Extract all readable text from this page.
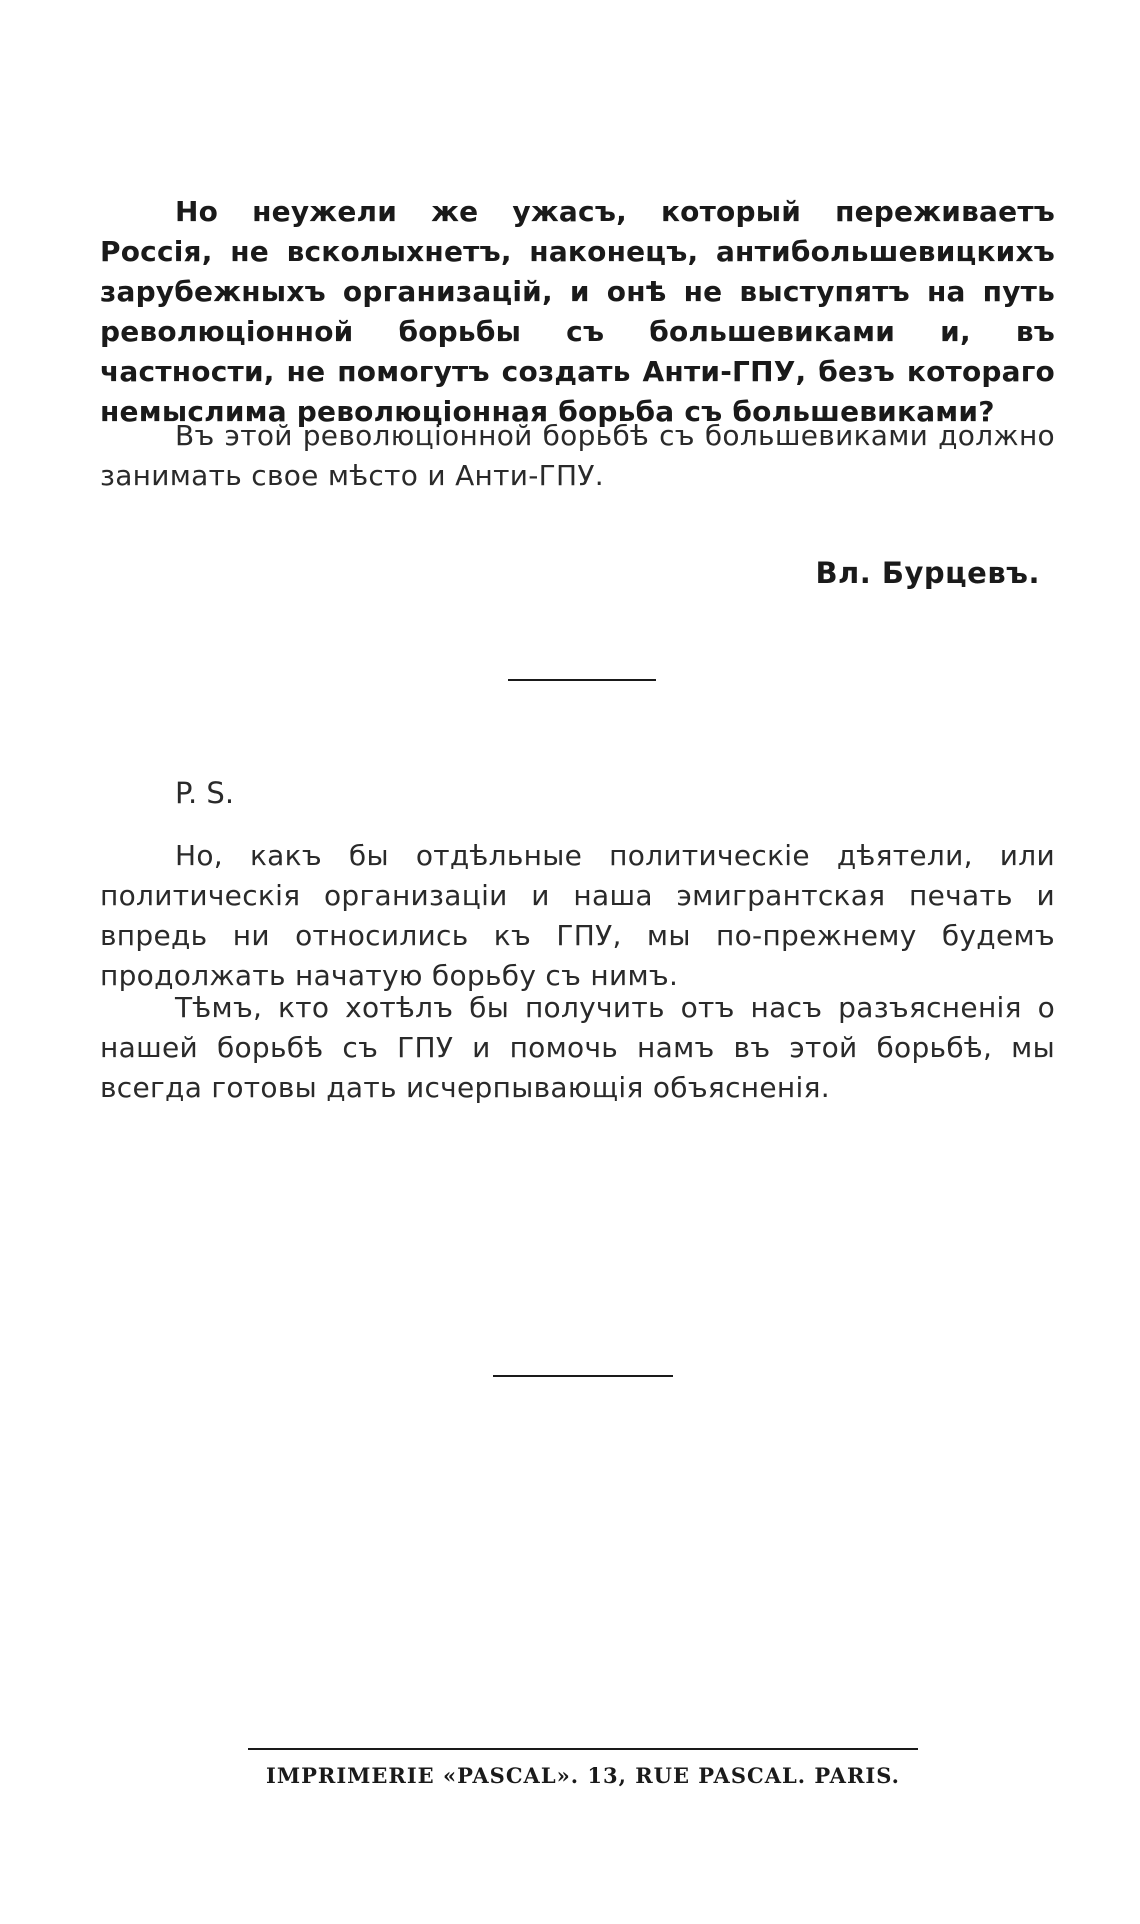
Но неужели же ужасъ, который переживаетъ Россія, не всколыхнетъ, наконецъ, антибольшевицкихъ зарубежныхъ организацій, и онѣ не выступятъ на путь революціонной борьбы съ большевиками и, въ частности, не помогутъ создать Анти-ГПУ, безъ котораго немыслима революціонная борьба съ большевиками?

Въ этой революціонной борьбѣ съ большевиками должно занимать свое мѣсто и Анти-ГПУ.

Вл. Бурцевъ.

P. S.

Но, какъ бы отдѣльные политическіе дѣятели, или политическія организаціи и наша эмигрантская печать и впредь ни относились къ ГПУ, мы по-прежнему будемъ продолжать начатую борьбу съ нимъ.

Тѣмъ, кто хотѣлъ бы получить отъ насъ разъясненія о нашей борьбѣ съ ГПУ и помочь намъ въ этой борьбѣ, мы всегда готовы дать исчерпывающія объясненія.

IMPRIMERIE «PASCAL». 13, RUE PASCAL. PARIS.
